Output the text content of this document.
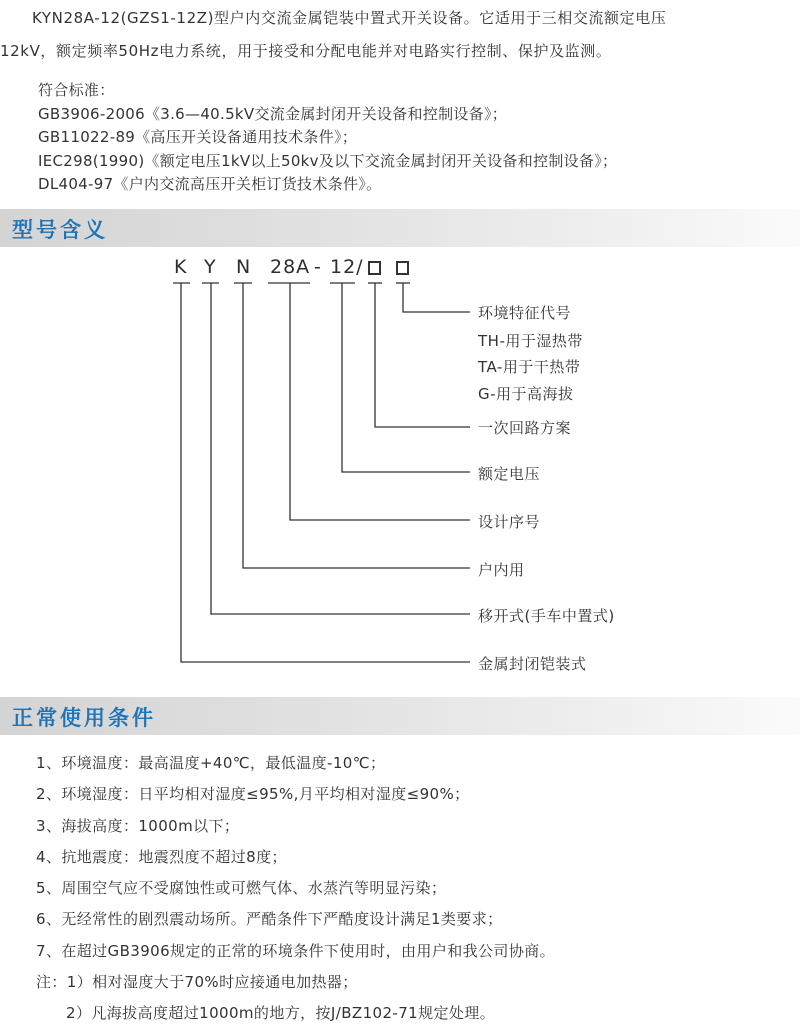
KYN28A-12(GZS1-12Z)型户内交流金属铠装中置式开关设备。它适用于三相交流额定电压
12kV，额定频率50Hz电力系统，用于接受和分配电能并对电路实行控制、保护及监测。
符合标准：
GB3906-2006《3.6—40.5kV交流金属封闭开关设备和控制设备》；
GB11022-89《高压开关设备通用技术条件》；
IEC298(1990)《额定电压1kV以上50kv及以下交流金属封闭开关设备和控制设备》；
DL404-97《户内交流高压开关柜订货技术条件》。
型号含义
K Y N 28A - 12/
环境特征代号
TH-用于湿热带
TA-用于干热带
G-用于高海拔
一次回路方案
额定电压
设计序号
户内用
移开式(手车中置式)
金属封闭铠装式
正常使用条件
1、环境温度：最高温度+40℃，最低温度-10℃；
2、环境湿度：日平均相对湿度≤95%,月平均相对湿度≤90%；
3、海拔高度：1000m以下；
4、抗地震度：地震烈度不超过8度；
5、周围空气应不受腐蚀性或可燃气体、水蒸汽等明显污染；
6、无经常性的剧烈震动场所。严酷条件下严酷度设计满足1类要求；
7、在超过GB3906规定的正常的环境条件下使用时，由用户和我公司协商。
注：1）相对湿度大于70%时应接通电加热器；
2）凡海拔高度超过1000m的地方，按J/BZ102-71规定处理。
